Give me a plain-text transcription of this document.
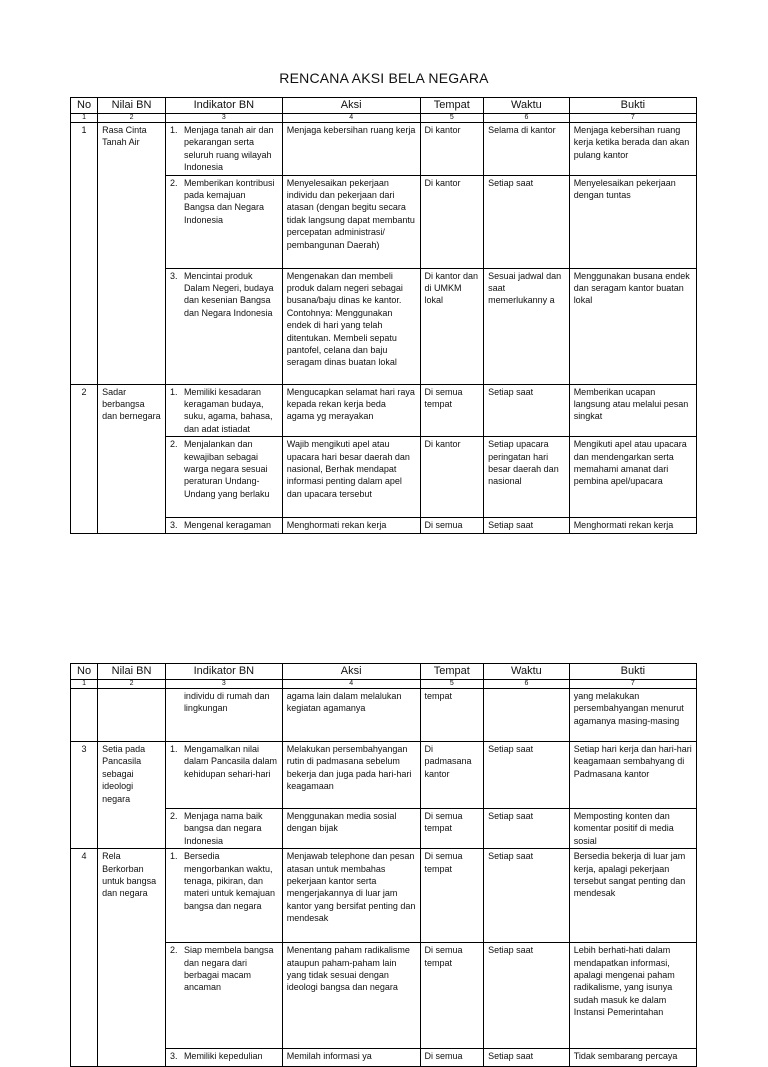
RENCANA AKSI BELA NEGARA
No	Nilai BN	Indikator BN	Aksi	Tempat	Waktu	Bukti
1	2	3	4	5	6	7
1	Rasa Cinta Tanah Air	1. Menjaga tanah air dan pekarangan serta seluruh ruang wilayah Indonesia	Menjaga kebersihan ruang kerja	Di kantor	Selama di kantor	Menjaga kebersihan ruang kerja ketika berada dan akan pulang kantor

		2. Memberikan kontribusi pada kemajuan Bangsa dan Negara Indonesia	Menyelesaikan pekerjaan individu dan pekerjaan dari atasan (dengan begitu secara tidak langsung dapat membantu percepatan administrasi/ pembangunan Daerah)	Di kantor	Setiap saat	Menyelesaikan pekerjaan dengan tuntas

		3. Mencintai produk Dalam Negeri, budaya dan kesenian Bangsa dan Negara Indonesia	Mengenakan dan membeli produk dalam negeri sebagai busana/baju dinas ke kantor. Contohnya: Menggunakan endek di hari yang telah ditentukan. Membeli sepatu pantofel, celana dan baju seragam dinas buatan lokal	Di kantor dan di UMKM lokal	Sesuai jadwal dan saat memerlukanny a	Menggunakan busana endek dan seragam kantor buatan lokal
2	Sadar berbangsa dan bernegara	1. Memiliki kesadaran keragaman budaya, suku, agama, bahasa, dan adat istiadat	Mengucapkan selamat hari raya kepada rekan kerja beda agama yg merayakan	Di semua tempat	Setiap saat	Memberikan ucapan langsung atau melalui pesan singkat

		2. Menjalankan dan kewajiban sebagai warga negara sesuai peraturan Undang-Undang yang berlaku	Wajib mengikuti apel atau upacara hari besar daerah dan nasional, Berhak mendapat informasi penting dalam apel dan upacara tersebut	Di kantor	Setiap upacara peringatan hari besar daerah dan nasional	Mengikuti apel atau upacara dan mendengarkan serta memahami amanat dari pembina apel/upacara

		3. Mengenal keragaman	Menghormati rekan kerja	Di semua	Setiap saat	Menghormati rekan kerja
No	Nilai BN	Indikator BN	Aksi	Tempat	Waktu	Bukti
1	2	3	4	5	6	7

		individu di rumah dan lingkungan	agama lain dalam melalukan kegiatan agamanya	tempat		yang melakukan persembahyangan menurut agamanya masing-masing
3	Setia pada Pancasila sebagai ideologi negara	1. Mengamalkan nilai dalam Pancasila dalam kehidupan sehari-hari	Melakukan persembahyangan rutin di padmasana sebelum bekerja dan juga pada hari-hari keagamaan	Di padmasana kantor	Setiap saat	Setiap hari kerja dan hari-hari keagamaan sembahyang di Padmasana kantor

		2. Menjaga nama baik bangsa dan negara Indonesia	Menggunakan media sosial dengan bijak	Di semua tempat	Setiap saat	Memposting konten dan komentar positif di media sosial
4	Rela Berkorban untuk bangsa dan negara	1. Bersedia mengorbankan waktu, tenaga, pikiran, dan materi untuk kemajuan bangsa dan negara	Menjawab telephone dan pesan atasan untuk membahas pekerjaan kantor serta mengerjakannya di luar jam kantor yang bersifat penting dan mendesak	Di semua tempat	Setiap saat	Bersedia bekerja di luar jam kerja, apalagi pekerjaan tersebut sangat penting dan mendesak

		2. Siap membela bangsa dan negara dari berbagai macam ancaman	Menentang paham radikalisme ataupun paham-paham lain yang tidak sesuai dengan ideologi bangsa dan negara	Di semua tempat	Setiap saat	Lebih berhati-hati dalam mendapatkan informasi, apalagi mengenai paham radikalisme, yang isunya sudah masuk ke dalam Instansi Pemerintahan

		3. Memiliki kepedulian	Memilah informasi ya	Di semua	Setiap saat	Tidak sembarang percaya
